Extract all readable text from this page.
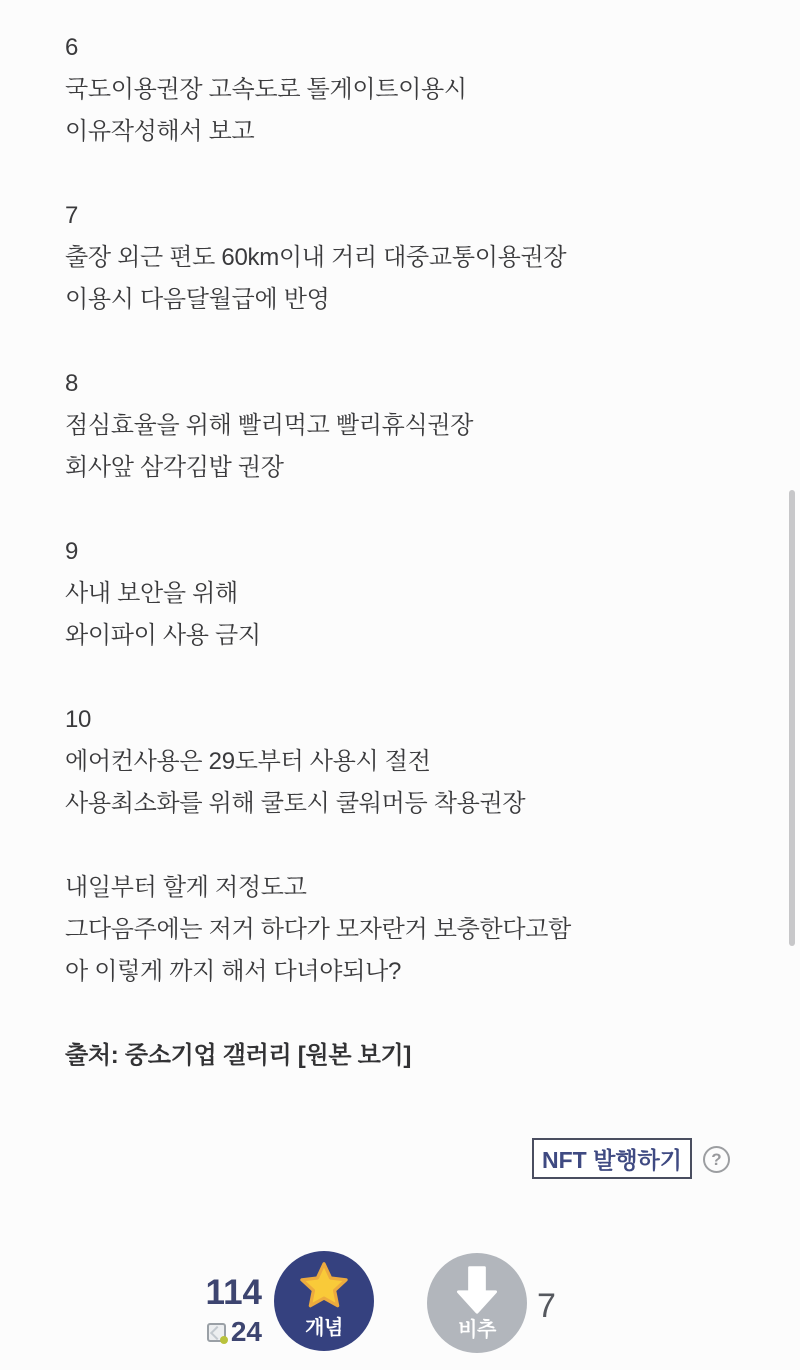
6
국도이용권장 고속도로 톨게이트이용시
이유작성해서 보고
7
출장 외근 편도 60km이내 거리 대중교통이용권장
이용시 다음달월급에 반영
8
점심효율을 위해 빨리먹고 빨리휴식권장
회사앞 삼각김밥 권장
9
사내 보안을 위해
와이파이 사용 금지
10
에어컨사용은 29도부터 사용시 절전
사용최소화를 위해 쿨토시 쿨워머등 착용권장
내일부터 할게 저정도고
그다음주에는 저거 하다가 모자란거 보충한다고함
아 이렇게 까지 해서 다녀야되나?
출처: 중소기업 갤러리 [원본 보기]
NFT 발행하기	?
114
24	개념	비추
7
